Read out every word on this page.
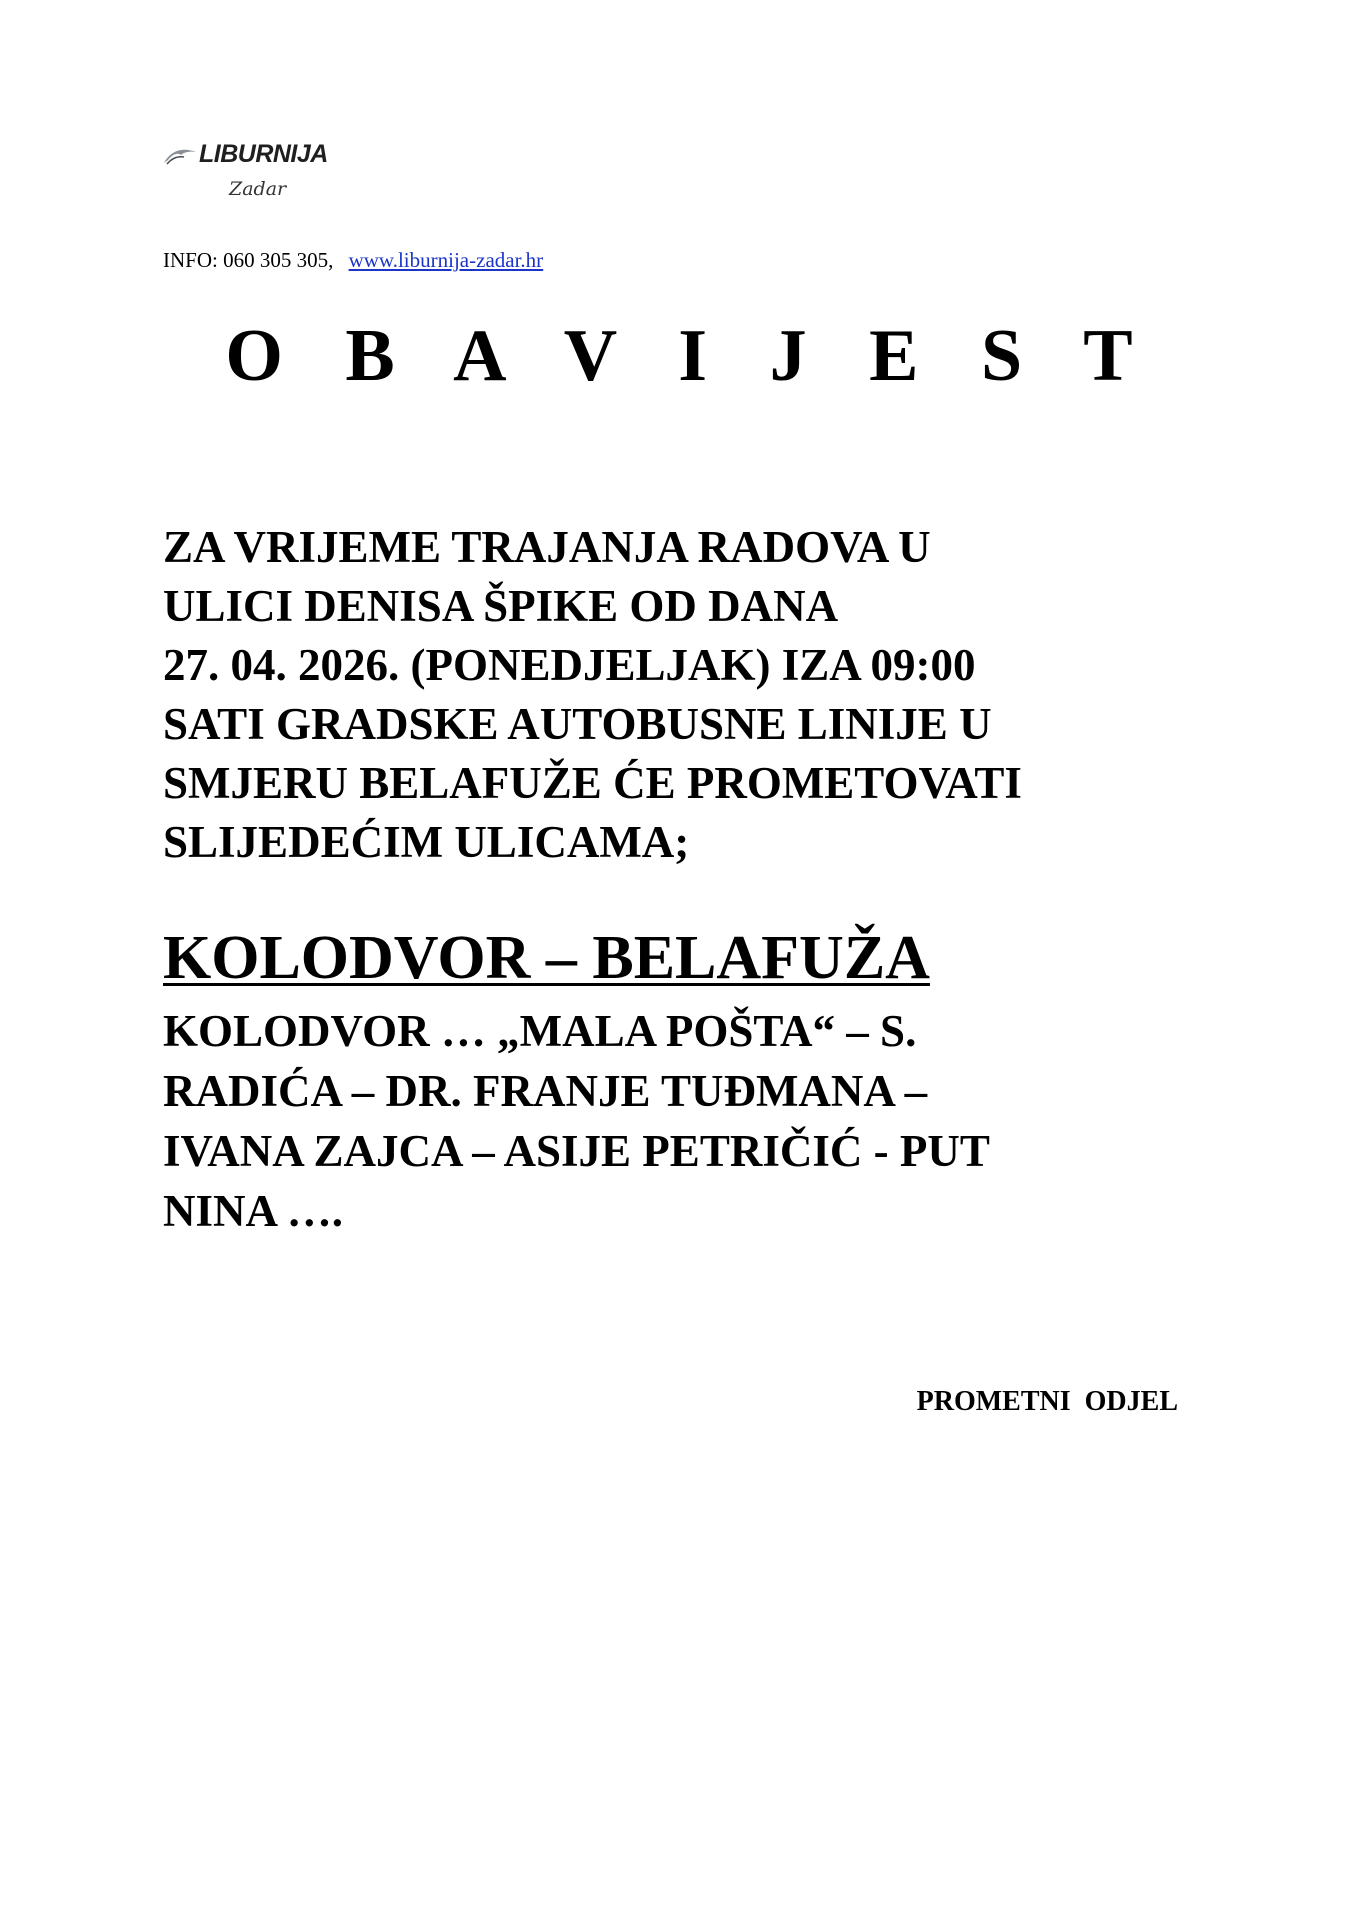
LIBURNIJA
Zadar
INFO: 060 305 305, www.liburnija-zadar.hr
O B A V I J E S T
ZA VRIJEME TRAJANJA RADOVA U
ULICI DENISA ŠPIKE OD DANA
27. 04. 2026. (PONEDJELJAK) IZA 09:00
SATI GRADSKE AUTOBUSNE LINIJE U
SMJERU BELAFUŽE ĆE PROMETOVATI
SLIJEDEĆIM ULICAMA;
KOLODVOR – BELAFUŽA
KOLODVOR … „MALA POŠTA“ – S.
RADIĆA – DR. FRANJE TUĐMANA –
IVANA ZAJCA – ASIJE PETRIČIĆ - PUT
NINA ….
PROMETNI  ODJEL
